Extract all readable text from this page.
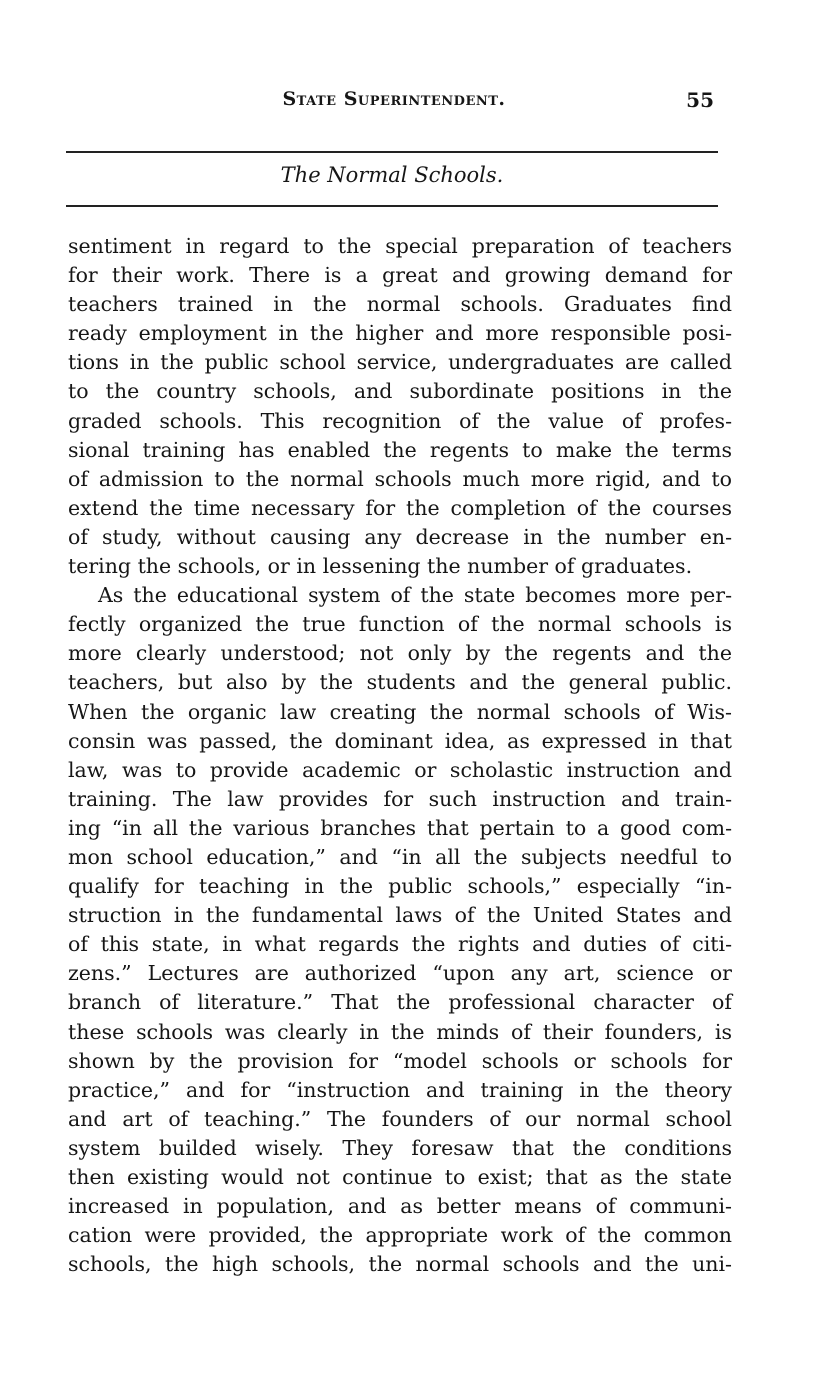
State Superintendent.	55
The Normal Schools.
sentiment in regard to the special preparation of teachers
for their work. There is a great and growing demand for
teachers trained in the normal schools. Graduates find
ready employment in the higher and more responsible posi-
tions in the public school service, undergraduates are called
to the country schools, and subordinate positions in the
graded schools. This recognition of the value of profes-
sional training has enabled the regents to make the terms
of admission to the normal schools much more rigid, and to
extend the time necessary for the completion of the courses
of study, without causing any decrease in the number en-
tering the schools, or in lessening the number of graduates.
As the educational system of the state becomes more per-
fectly organized the true function of the normal schools is
more clearly understood; not only by the regents and the
teachers, but also by the students and the general public.
When the organic law creating the normal schools of Wis-
consin was passed, the dominant idea, as expressed in that
law, was to provide academic or scholastic instruction and
training. The law provides for such instruction and train-
ing “in all the various branches that pertain to a good com-
mon school education,” and “in all the subjects needful to
qualify for teaching in the public schools,” especially “in-
struction in the fundamental laws of the United States and
of this state, in what regards the rights and duties of citi-
zens.” Lectures are authorized “upon any art, science or
branch of literature.” That the professional character of
these schools was clearly in the minds of their founders, is
shown by the provision for “model schools or schools for
practice,” and for “instruction and training in the theory
and art of teaching.” The founders of our normal school
system builded wisely. They foresaw that the conditions
then existing would not continue to exist; that as the state
increased in population, and as better means of communi-
cation were provided, the appropriate work of the common
schools, the high schools, the normal schools and the uni-
